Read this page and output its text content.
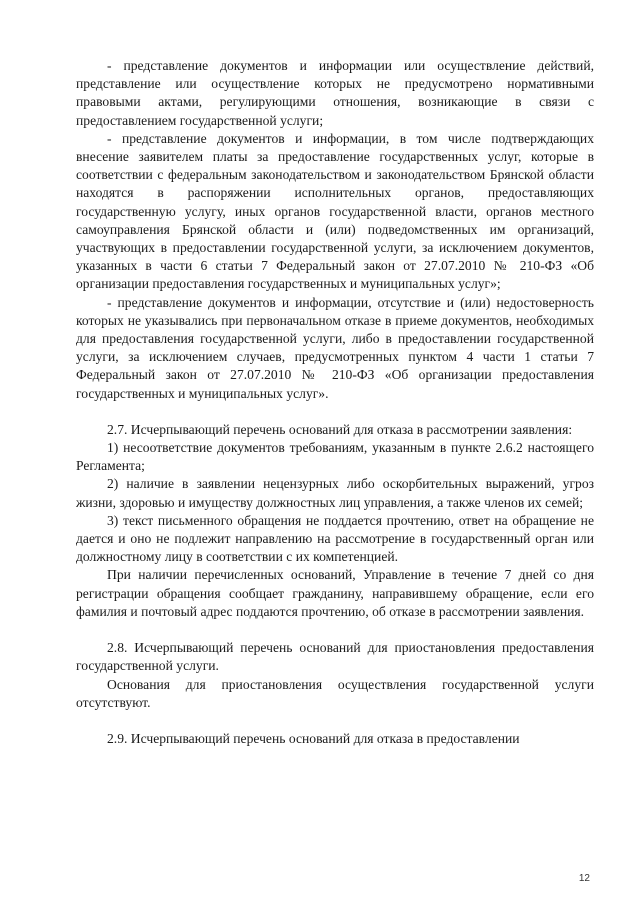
- представление документов и информации или осуществление действий, представление или осуществление которых не предусмотрено нормативными правовыми актами, регулирующими отношения, возникающие в связи с предоставлением государственной услуги;

- представление документов и информации, в том числе подтверждающих внесение заявителем платы за предоставление государственных услуг, которые в соответствии с федеральным законодательством и законодательством Брянской области находятся в распоряжении исполнительных органов, предоставляющих государственную услугу, иных органов государственной власти, органов местного самоуправления Брянской области и (или) подведомственных им организаций, участвующих в предоставлении государственной услуги, за исключением документов, указанных в части 6 статьи 7 Федеральный закон от 27.07.2010 № 210-ФЗ «Об организации предоставления государственных и муниципальных услуг»;

- представление документов и информации, отсутствие и (или) недостоверность которых не указывались при первоначальном отказе в приеме документов, необходимых для предоставления государственной услуги, либо в предоставлении государственной услуги, за исключением случаев, предусмотренных пунктом 4 части 1 статьи 7 Федеральный закон от 27.07.2010 № 210-ФЗ «Об организации предоставления государственных и муниципальных услуг».

2.7. Исчерпывающий перечень оснований для отказа в рассмотрении заявления:

1) несоответствие документов требованиям, указанным в пункте 2.6.2 настоящего Регламента;

2) наличие в заявлении нецензурных либо оскорбительных выражений, угроз жизни, здоровью и имуществу должностных лиц управления, а также членов их семей;

3) текст письменного обращения не поддается прочтению, ответ на обращение не дается и оно не подлежит направлению на рассмотрение в государственный орган или должностному лицу в соответствии с их компетенцией.

При наличии перечисленных оснований, Управление в течение 7 дней со дня регистрации обращения сообщает гражданину, направившему обращение, если его фамилия и почтовый адрес поддаются прочтению, об отказе в рассмотрении заявления.

2.8. Исчерпывающий перечень оснований для приостановления предоставления государственной услуги.

Основания для приостановления осуществления государственной услуги отсутствуют.

2.9. Исчерпывающий перечень оснований для отказа в предоставлении

12
